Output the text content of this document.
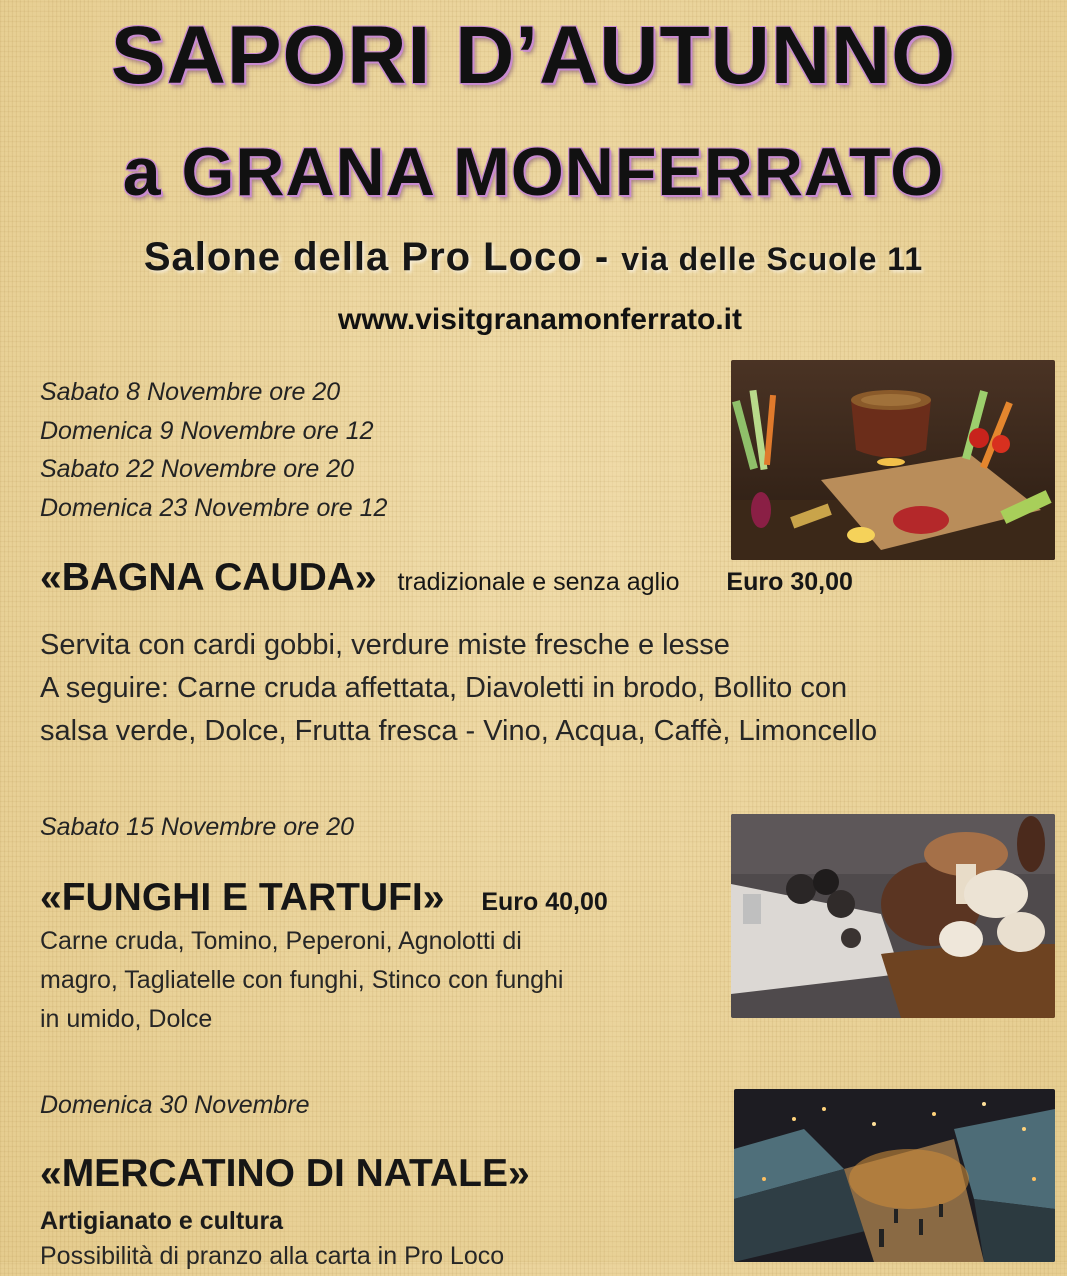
SAPORI D’AUTUNNO
a GRANA MONFERRATO
Salone della Pro Loco - via delle Scuole 11
www.visitgranamonferrato.it
Sabato 8 Novembre ore 20
Domenica 9 Novembre ore 12
Sabato 22 Novembre ore 20
Domenica 23 Novembre ore 12
«BAGNA CAUDA» tradizionale e senza aglio Euro 30,00
Servita con cardi gobbi, verdure miste fresche e lesse
A seguire: Carne cruda affettata, Diavoletti in brodo, Bollito con
salsa verde, Dolce, Frutta fresca - Vino, Acqua, Caffè, Limoncello
Sabato 15 Novembre ore 20
«FUNGHI E TARTUFI» Euro 40,00
Carne cruda, Tomino, Peperoni, Agnolotti di
magro, Tagliatelle con funghi, Stinco con funghi
in umido, Dolce
Domenica 30 Novembre
«MERCATINO DI NATALE»
Artigianato e cultura
Possibilità di pranzo alla carta in Pro Loco
